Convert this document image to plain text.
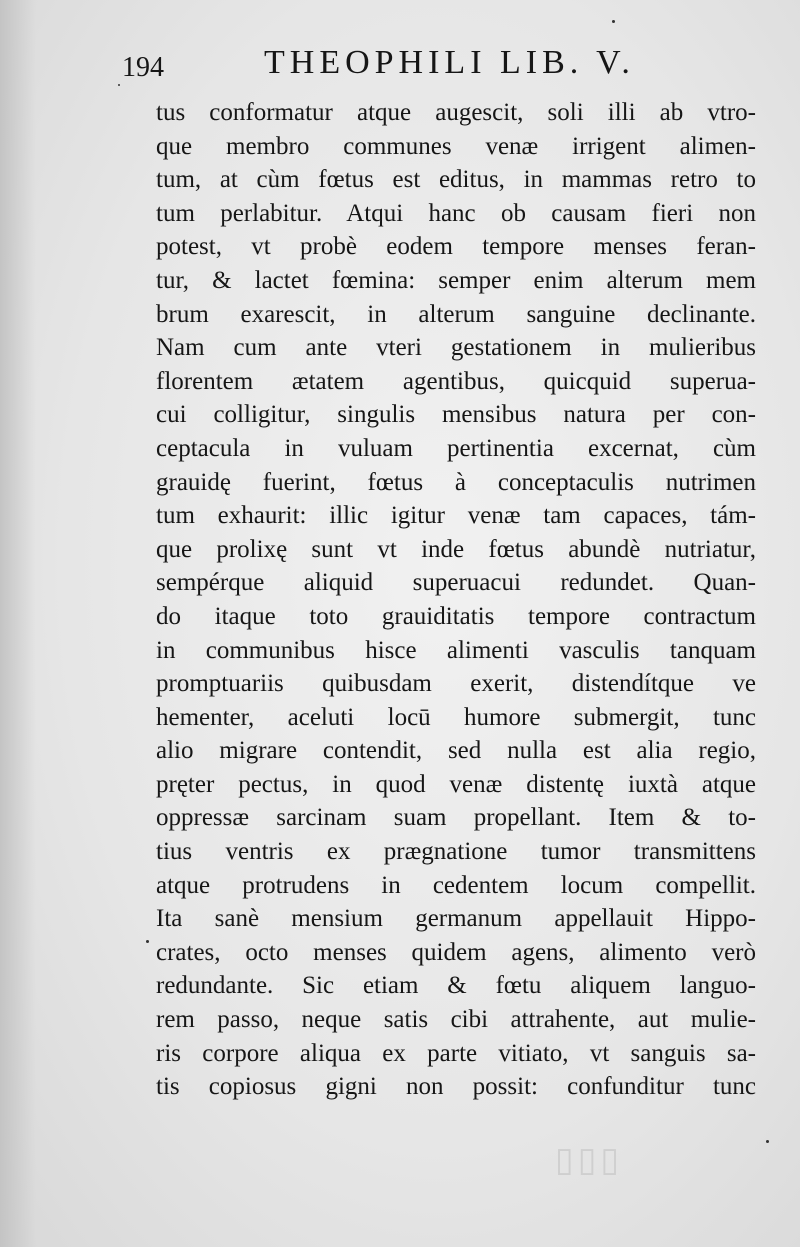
▯▯▯
194	THEOPHILI LIB. V.
tus conformatur atque augescit, soli illi ab vtro-
que membro communes venæ irrigent alimen-
tum, at cùm fœtus est editus, in mammas retro to
tum perlabitur. Atqui hanc ob causam fieri non
potest, vt probè eodem tempore menses feran-
tur, & lactet fœmina: semper enim alterum mem
brum exarescit, in alterum sanguine declinante.
Nam cum ante vteri gestationem in mulieribus
florentem ætatem agentibus, quicquid superua-
cui colligitur, singulis mensibus natura per con-
ceptacula in vuluam pertinentia excernat, cùm
grauidę fuerint, fœtus à conceptaculis nutrimen
tum exhaurit: illic igitur venæ tam capaces, tám-
que prolixę sunt vt inde fœtus abundè nutriatur,
sempérque aliquid superuacui redundet. Quan-
do itaque toto grauiditatis tempore contractum
in communibus hisce alimenti vasculis tanquam
promptuariis quibusdam exerit, distendítque ve
hementer, aceluti locū humore submergit, tunc
alio migrare contendit, sed nulla est alia regio,
pręter pectus, in quod venæ distentę iuxtà atque
oppressæ sarcinam suam propellant. Item & to-
tius ventris ex prægnatione tumor transmittens
atque protrudens in cedentem locum compellit.
Ita sanè mensium germanum appellauit Hippo-
crates, octo menses quidem agens, alimento verò
redundante. Sic etiam & fœtu aliquem languo-
rem passo, neque satis cibi attrahente, aut mulie-
ris corpore aliqua ex parte vitiato, vt sanguis sa-
tis copiosus gigni non possit: confunditur tunc
